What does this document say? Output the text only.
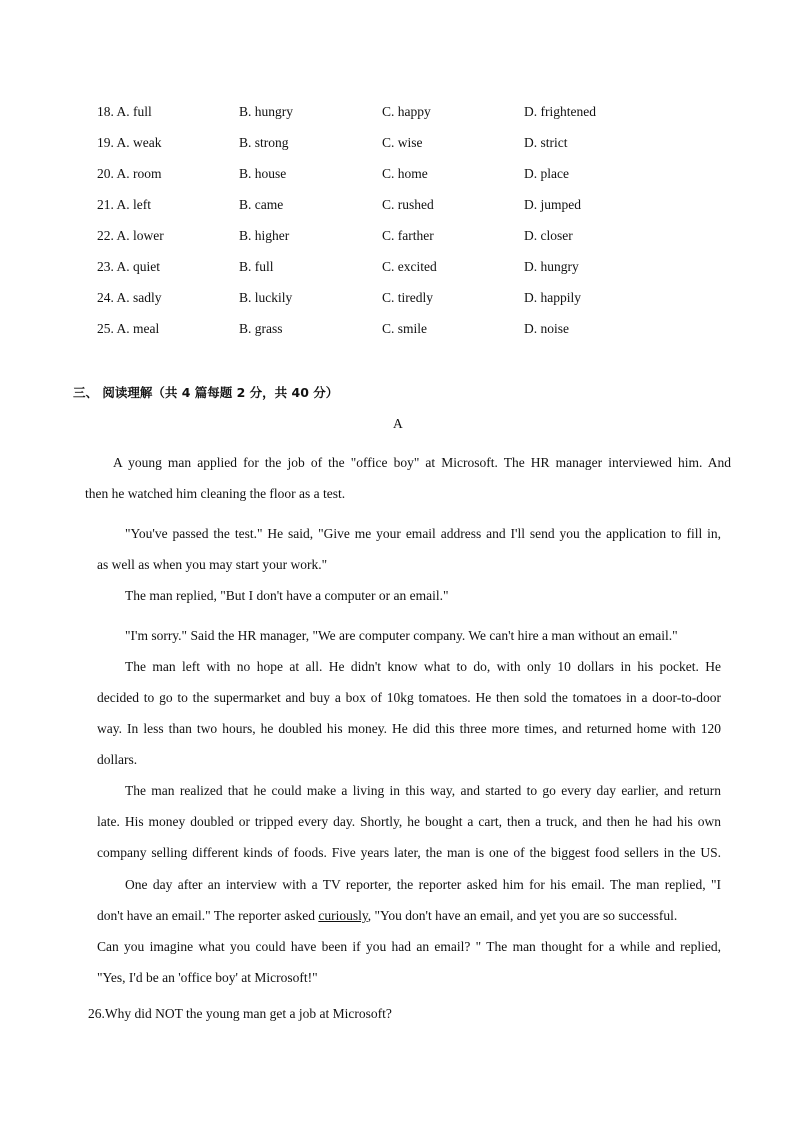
18. A. full	B. hungry	C. happy	D. frightened
19. A. weak	B. strong	C. wise	D. strict
20. A. room	B. house	C. home	D. place
21. A. left	B. came	C. rushed	D. jumped
22. A. lower	B. higher	C. farther	D. closer
23. A. quiet	B. full	C. excited	D. hungry
24. A. sadly	B. luckily	C. tiredly	D. happily
25. A. meal	B. grass	C. smile	D. noise
三、 阅读理解（共 4 篇每题 2 分，共 40 分）
A
A young man applied for the job of the "office boy" at Microsoft. The HR manager interviewed him. And
then he watched him cleaning the floor as a test.
"You've passed the test." He said, "Give me your email address and I'll send you the application to fill in,
as well as when you may start your work."
The man replied, "But I don't have a computer or an email."
"I'm sorry." Said the HR manager, "We are computer company. We can't hire a man without an email."
The man left with no hope at all. He didn't know what to do, with only 10 dollars in his pocket. He
decided to go to the supermarket and buy a box of 10kg tomatoes. He then sold the tomatoes in a door-to-door
way. In less than two hours, he doubled his money. He did this three more times, and returned home with 120
dollars.
The man realized that he could make a living in this way, and started to go every day earlier, and return
late. His money doubled or tripped every day. Shortly, he bought a cart, then a truck, and then he had his own
company selling different kinds of foods. Five years later, the man is one of the biggest food sellers in the US.
One day after an interview with a TV reporter, the reporter asked him for his email. The man replied, "I
don't have an email." The reporter asked curiously, "You don't have an email, and yet you are so successful.
Can you imagine what you could have been if you had an email? " The man thought for a while and replied,
"Yes, I'd be an 'office boy' at Microsoft!"
26.Why did NOT the young man get a job at Microsoft?
